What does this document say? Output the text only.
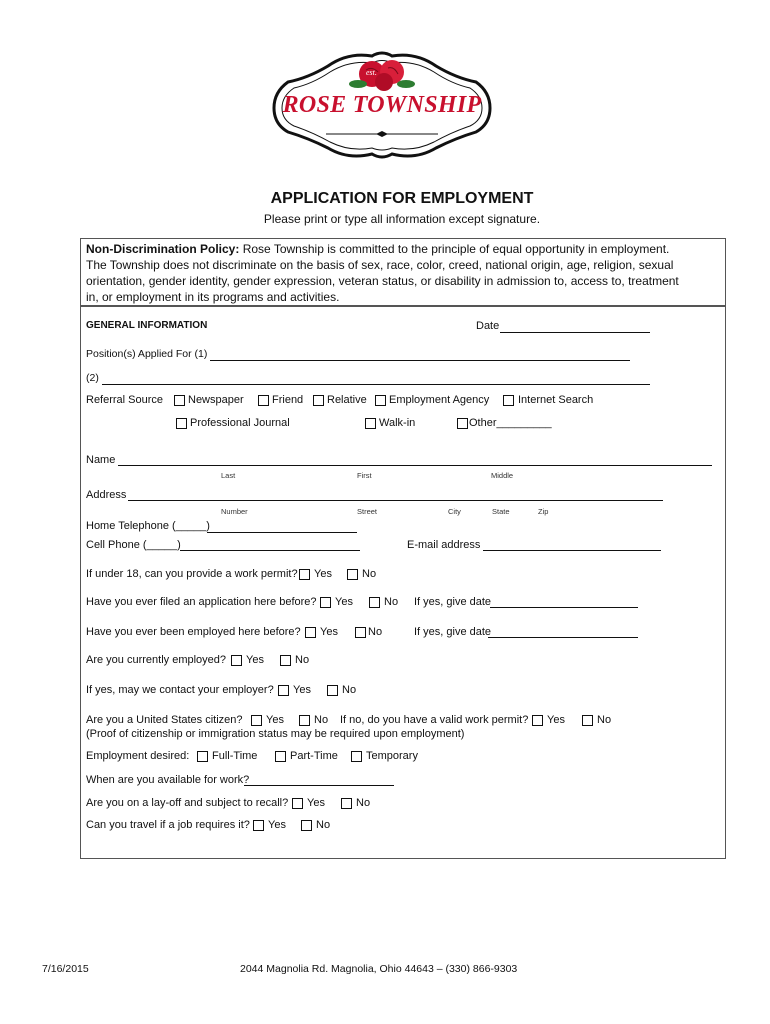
est.
ROSE TOWNSHIP
APPLICATION FOR EMPLOYMENT
Please print or type all information except signature.
Non-Discrimination Policy: Rose Township is committed to the principle of equal opportunity in employment.
The Township does not discriminate on the basis of sex, race, color, creed, national origin, age, religion, sexual
orientation, gender identity, gender expression, veteran status, or disability in admission to, access to, treatment
in, or employment in its programs and activities.
GENERAL INFORMATION	Date
Position(s) Applied For (1)
(2)
Referral Source Newspaper	Friend Relative Employment Agency	Internet Search
Professional Journal	Walk-in	Other_________
Name
Last	First	Middle
Address
Number	Street	City	State	Zip
Home Telephone (_____)
Cell Phone (_____)	E-mail address
If under 18, can you provide a work permit? Yes	No
Have you ever filed an application here before? Yes	No If yes, give date
Have you ever been employed here before? Yes	No	If yes, give date
Are you currently employed? Yes	No
If yes, may we contact your employer? Yes	No
Are you a United States citizen? Yes	No If no, do you have a valid work permit? Yes	No
(Proof of citizenship or immigration status may be required upon employment)
Employment desired: Full-Time	Part-Time	Temporary
When are you available for work?
Are you on a lay-off and subject to recall? Yes	No
Can you travel if a job requires it? Yes	No
7/16/2015	2044 Magnolia Rd. Magnolia, Ohio 44643 – (330) 866-9303
